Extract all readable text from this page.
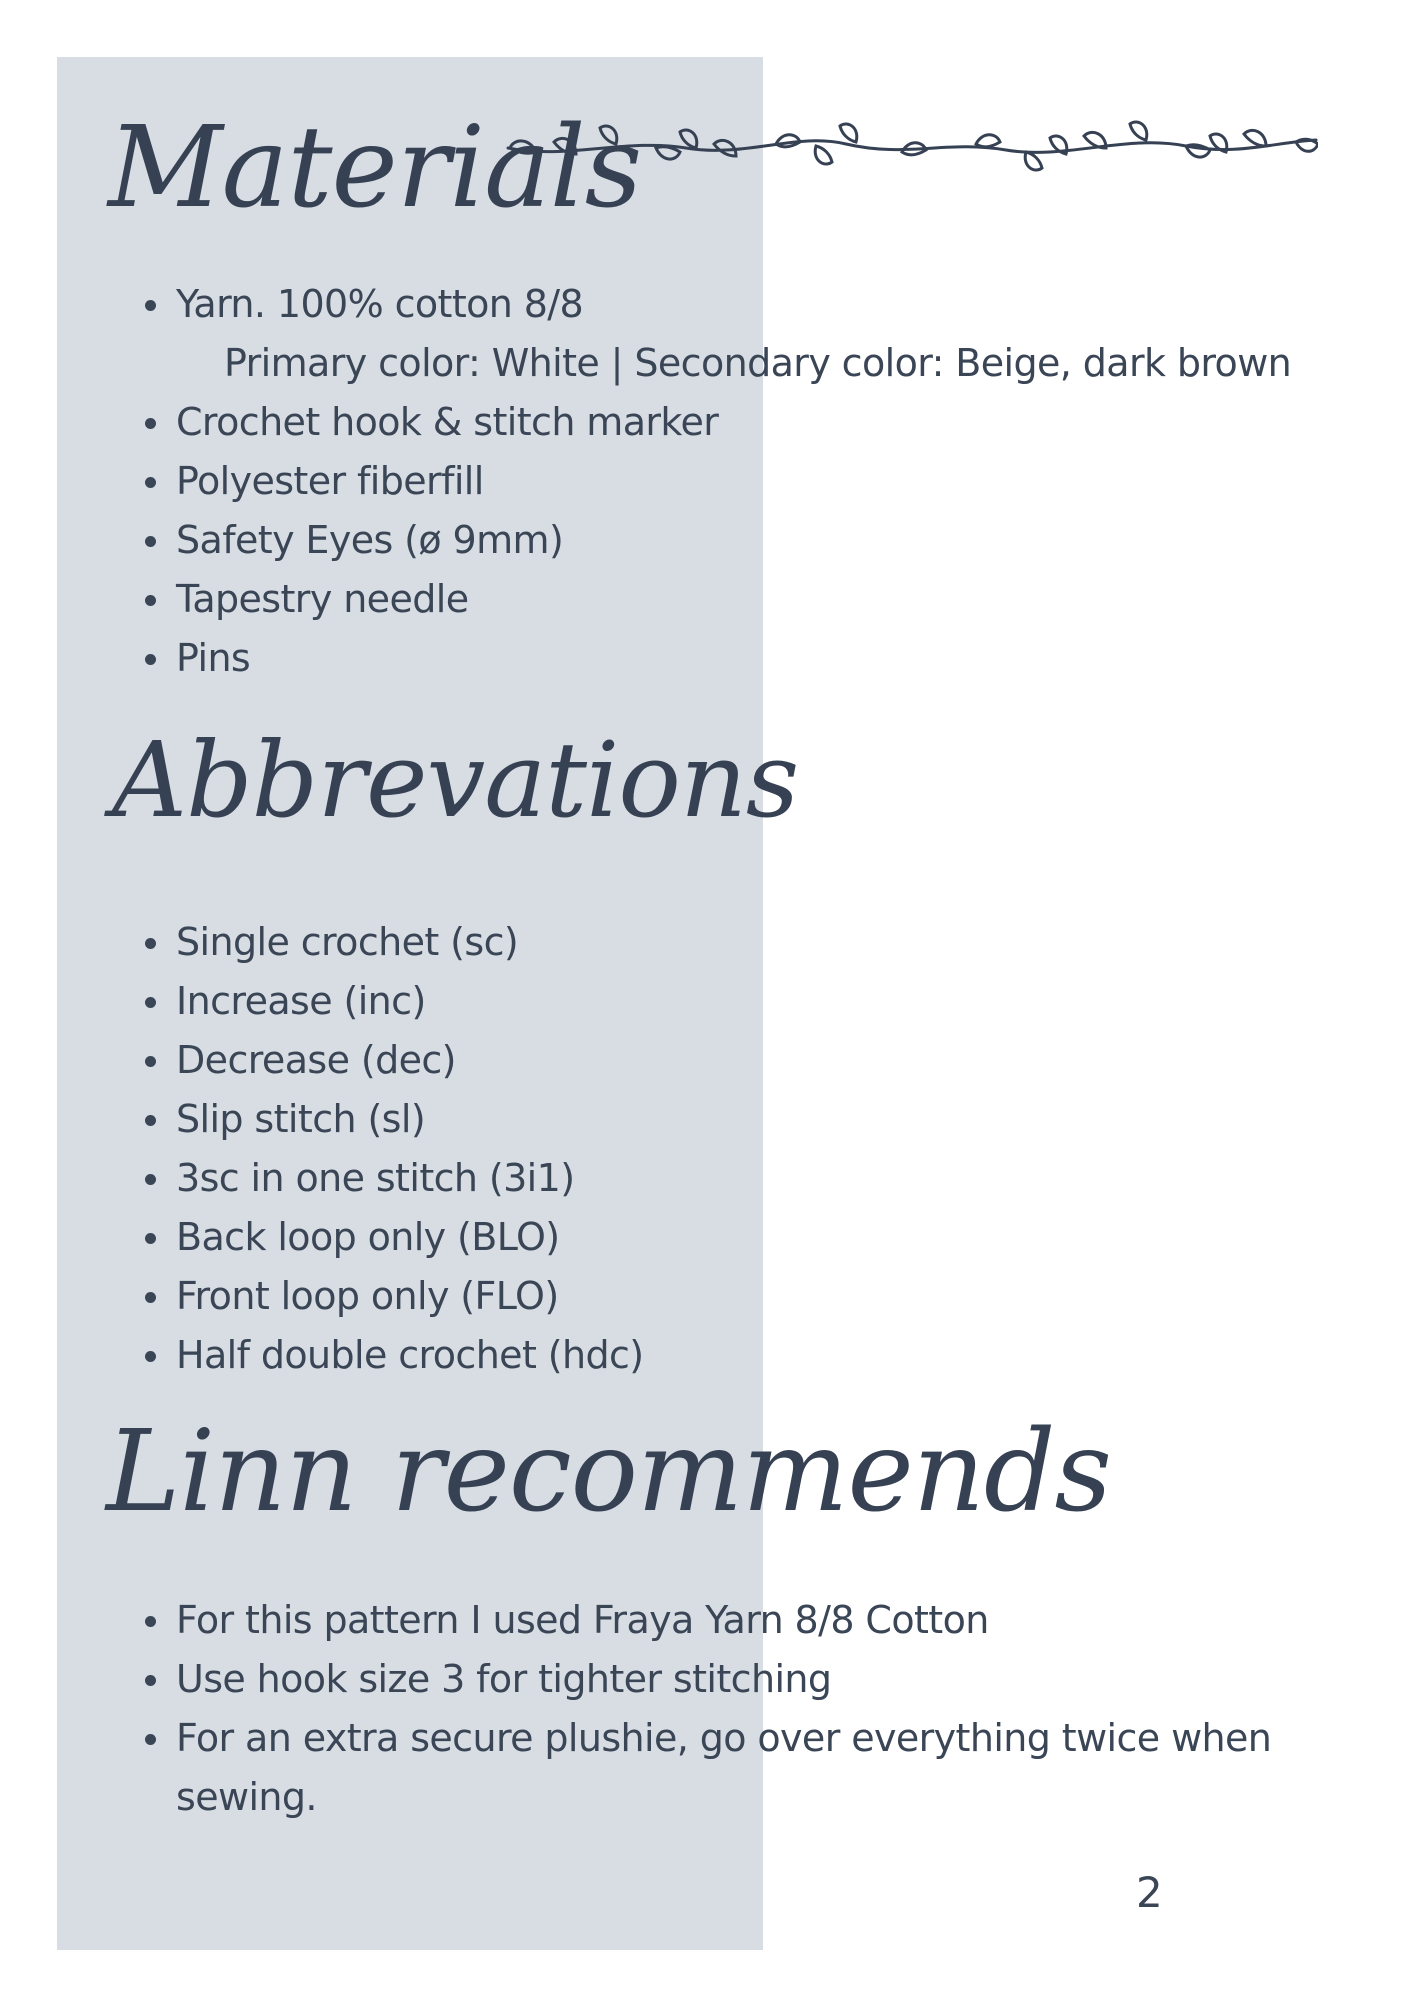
Materials
Yarn. 100% cotton 8/8
Primary color: White | Secondary color: Beige, dark brown
Crochet hook & stitch marker
Polyester fiberfill
Safety Eyes (ø 9mm)
Tapestry needle
Pins
Abbrevations
Single crochet (sc)
Increase (inc)
Decrease (dec)
Slip stitch (sl)
3sc in one stitch (3i1)
Back loop only (BLO)
Front loop only (FLO)
Half double crochet (hdc)
Linn recommends
For this pattern I used Fraya Yarn 8/8 Cotton
Use hook size 3 for tighter stitching
For an extra secure plushie, go over everything twice when
sewing.
2
